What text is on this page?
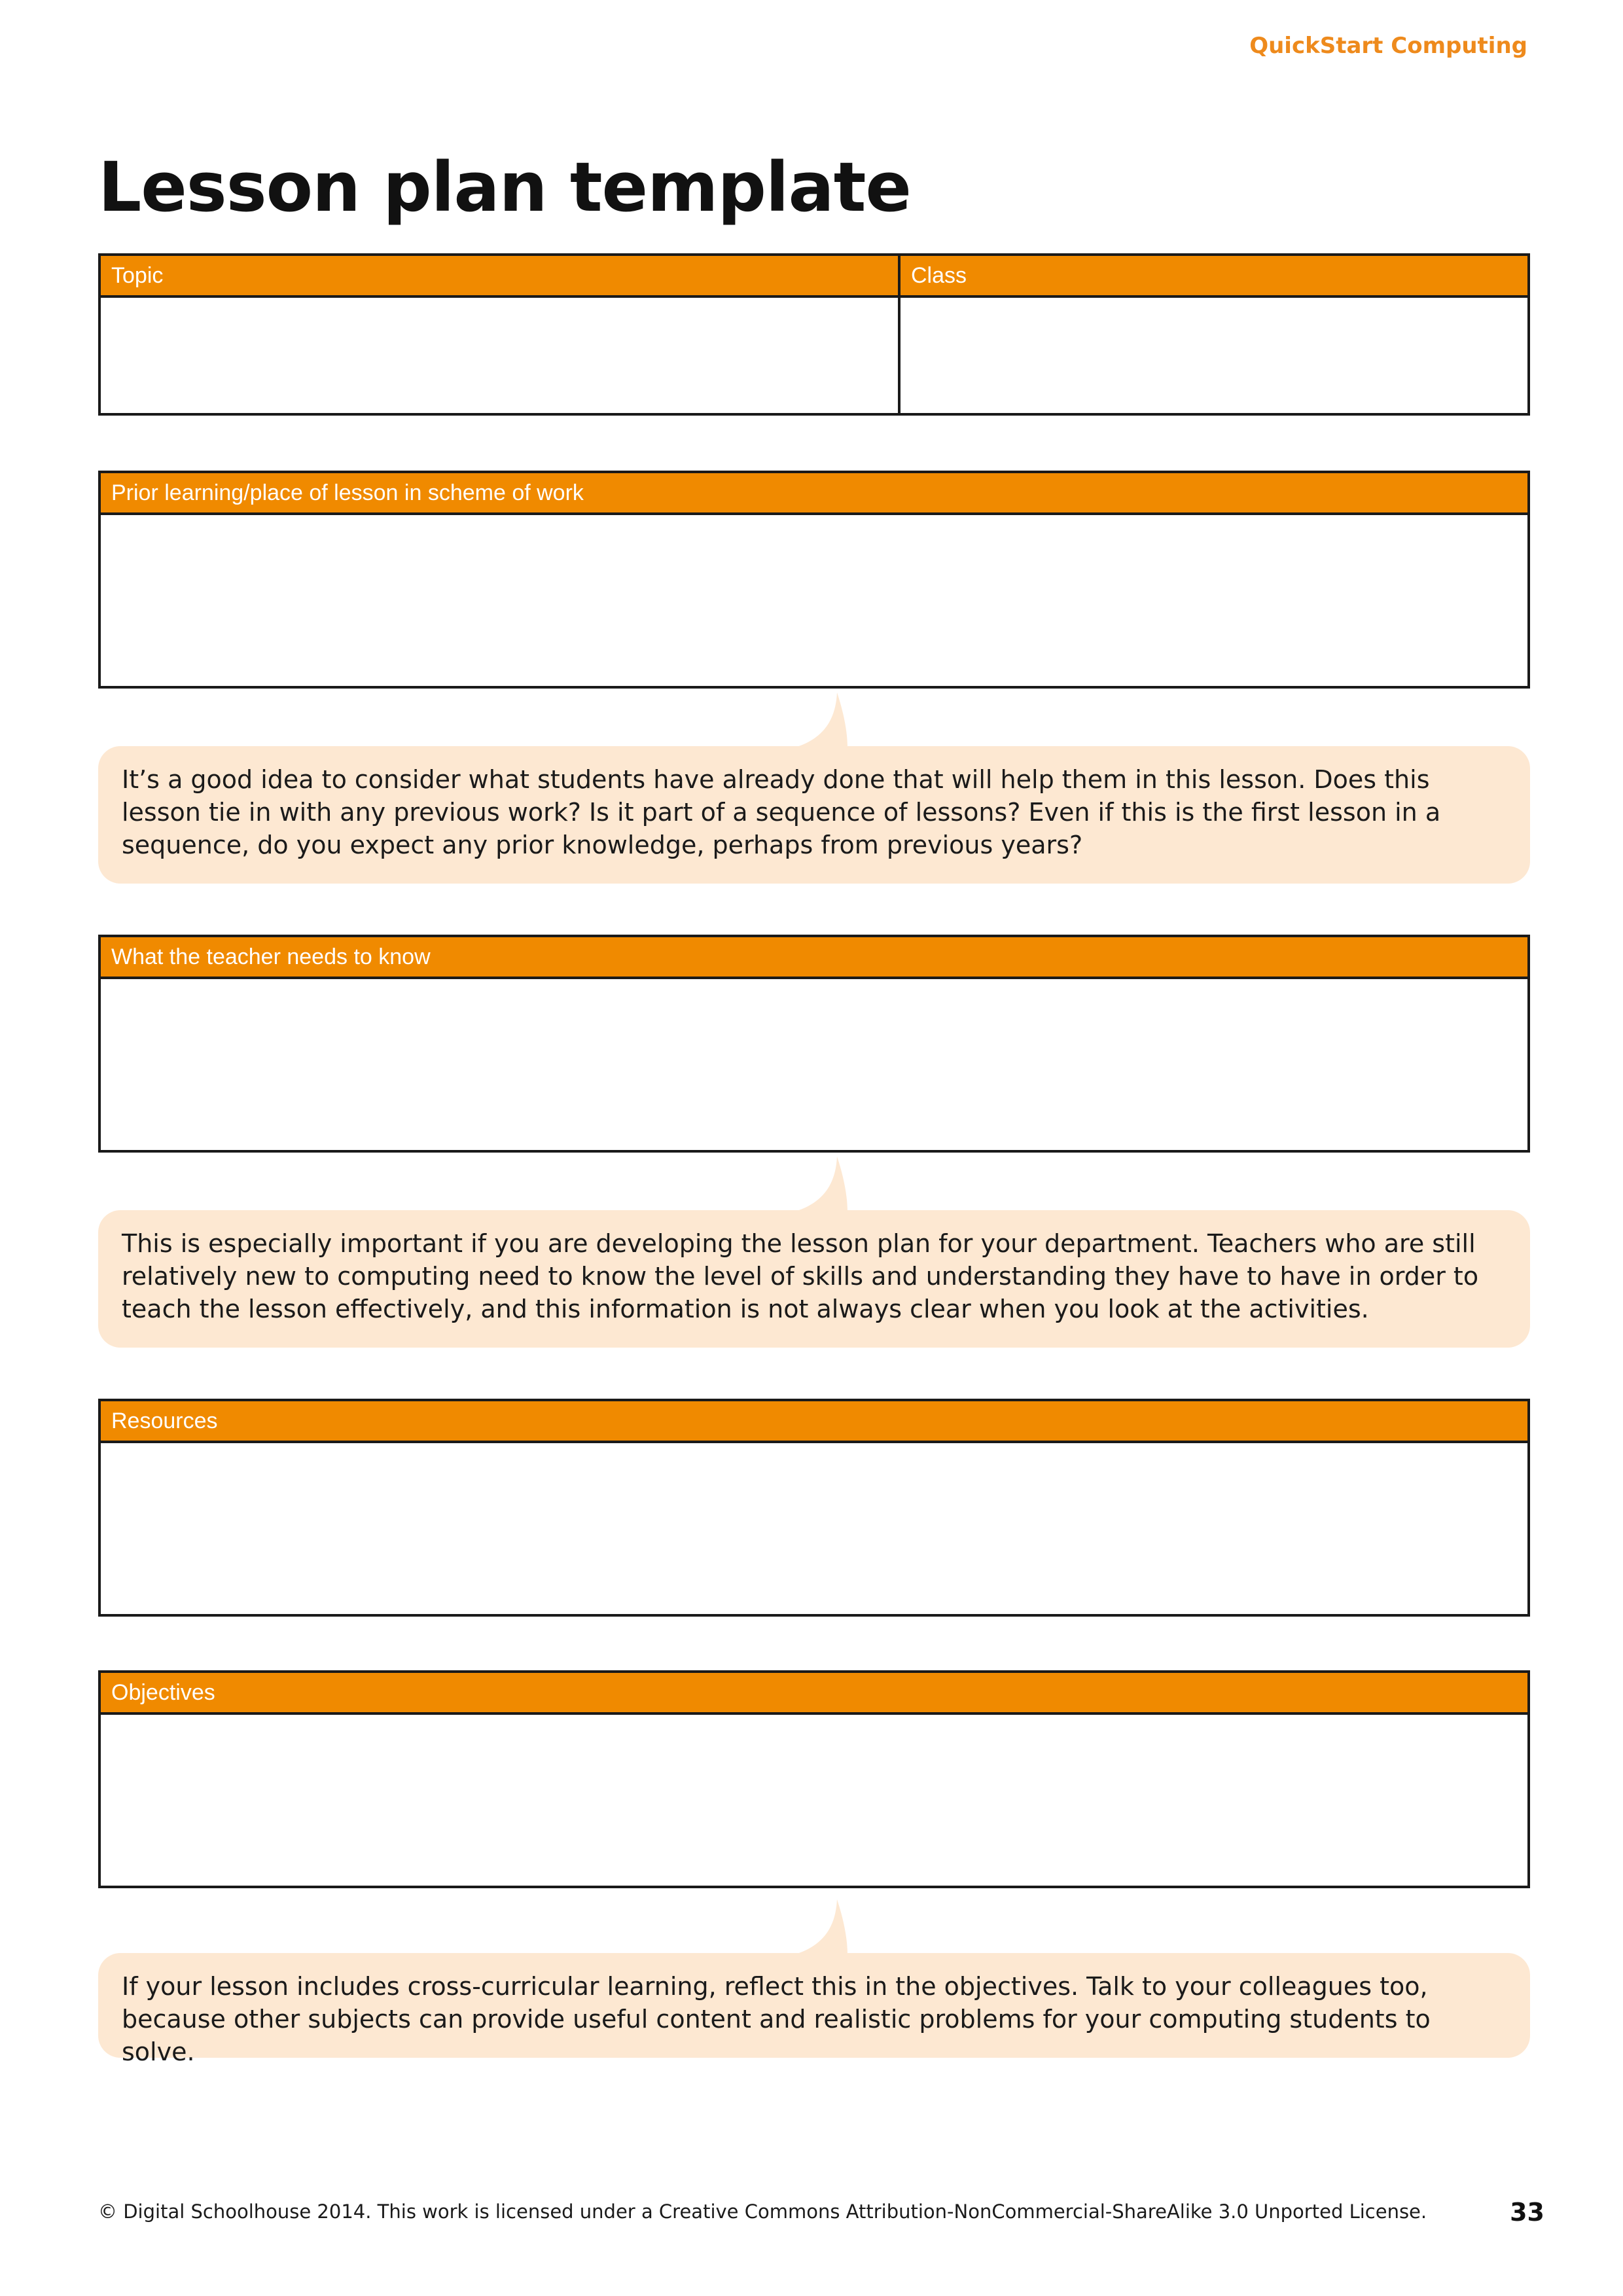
QuickStart Computing
Lesson plan template
Topic	Class
Prior learning/place of lesson in scheme of work
It’s a good idea to consider what students have already done that will help them in this lesson. Does this lesson tie in with any previous work? Is it part of a sequence of lessons? Even if this is the first lesson in a sequence, do you expect any prior knowledge, perhaps from previous years?
What the teacher needs to know
This is especially important if you are developing the lesson plan for your department. Teachers who are still relatively new to computing need to know the level of skills and understanding they have to have in order to teach the lesson effectively, and this information is not always clear when you look at the activities.
Resources
Objectives
If your lesson includes cross-curricular learning, reflect this in the objectives. Talk to your colleagues too, because other subjects can provide useful content and realistic problems for your computing students to solve.
© Digital Schoolhouse 2014. This work is licensed under a Creative Commons Attribution-NonCommercial-ShareAlike 3.0 Unported License.	33
